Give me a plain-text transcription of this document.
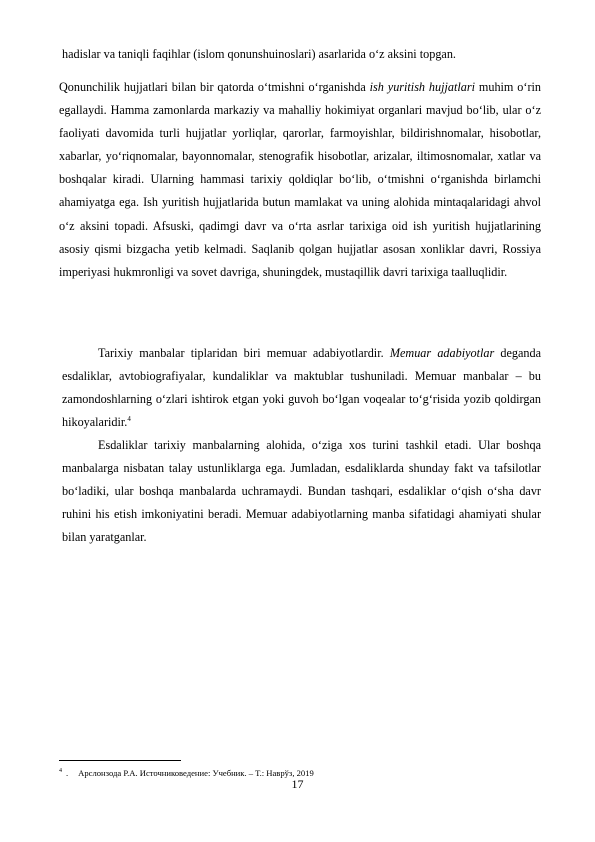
hadislar va taniqli faqihlar (islom qonunshuinoslari) asarlarida o‘z aksini topgan.

Qonunchilik hujjatlari bilan bir qatorda o‘tmishni o‘rganishda ish yuritish hujjatlari muhim o‘rin egallaydi. Hamma zamonlarda markaziy va mahalliy hokimiyat organlari mavjud bo‘lib, ular o‘z faoliyati davomida turli hujjatlar yorliqlar, qarorlar, farmoyishlar, bildirishnomalar, hisobotlar, xabarlar, yo‘riqnomalar, bayonnomalar, stenografik hisobotlar, arizalar, iltimosnomalar, xatlar va boshqalar kiradi. Ularning hammasi tarixiy qoldiqlar bo‘lib, o‘tmishni o‘rganishda birlamchi ahamiyatga ega. Ish yuritish hujjatlarida butun mamlakat va uning alohida mintaqalaridagi ahvol o‘z aksini topadi. Afsuski, qadimgi davr va o‘rta asrlar tarixiga oid ish yuritish hujjatlarining asosiy qismi bizgacha yetib kelmadi. Saqlanib qolgan hujjatlar asosan xonliklar davri, Rossiya imperiyasi hukmronligi va sovet davriga, shuningdek, mustaqillik davri tarixiga taalluqlidir.

Tarixiy manbalar tiplaridan biri memuar adabiyotlardir. Memuar adabiyotlar deganda esdaliklar, avtobiografiyalar, kundaliklar va maktublar tushuniladi. Memuar manbalar – bu zamondoshlarning o‘zlari ishtirok etgan yoki guvoh bo‘lgan voqealar to‘g‘risida yozib qoldirgan hikoyalaridir.$^4$

Esdaliklar tarixiy manbalarning alohida, o‘ziga xos turini tashkil etadi. Ular boshqa manbalarga nisbatan talay ustunliklarga ega. Jumladan, esdaliklarda shunday fakt va tafsilotlar bo‘ladiki, ular boshqa manbalarda uchramaydi. Bundan tashqari, esdaliklar o‘qish o‘sha davr ruhini his etish imkoniyatini beradi. Memuar adabiyotlarning manba sifatidagi ahamiyati shular bilan yaratganlar.

$^4$ . Арслонзода Р.А. Источниковедение: Учебник. – Т.: Наврўз, 2019
17
